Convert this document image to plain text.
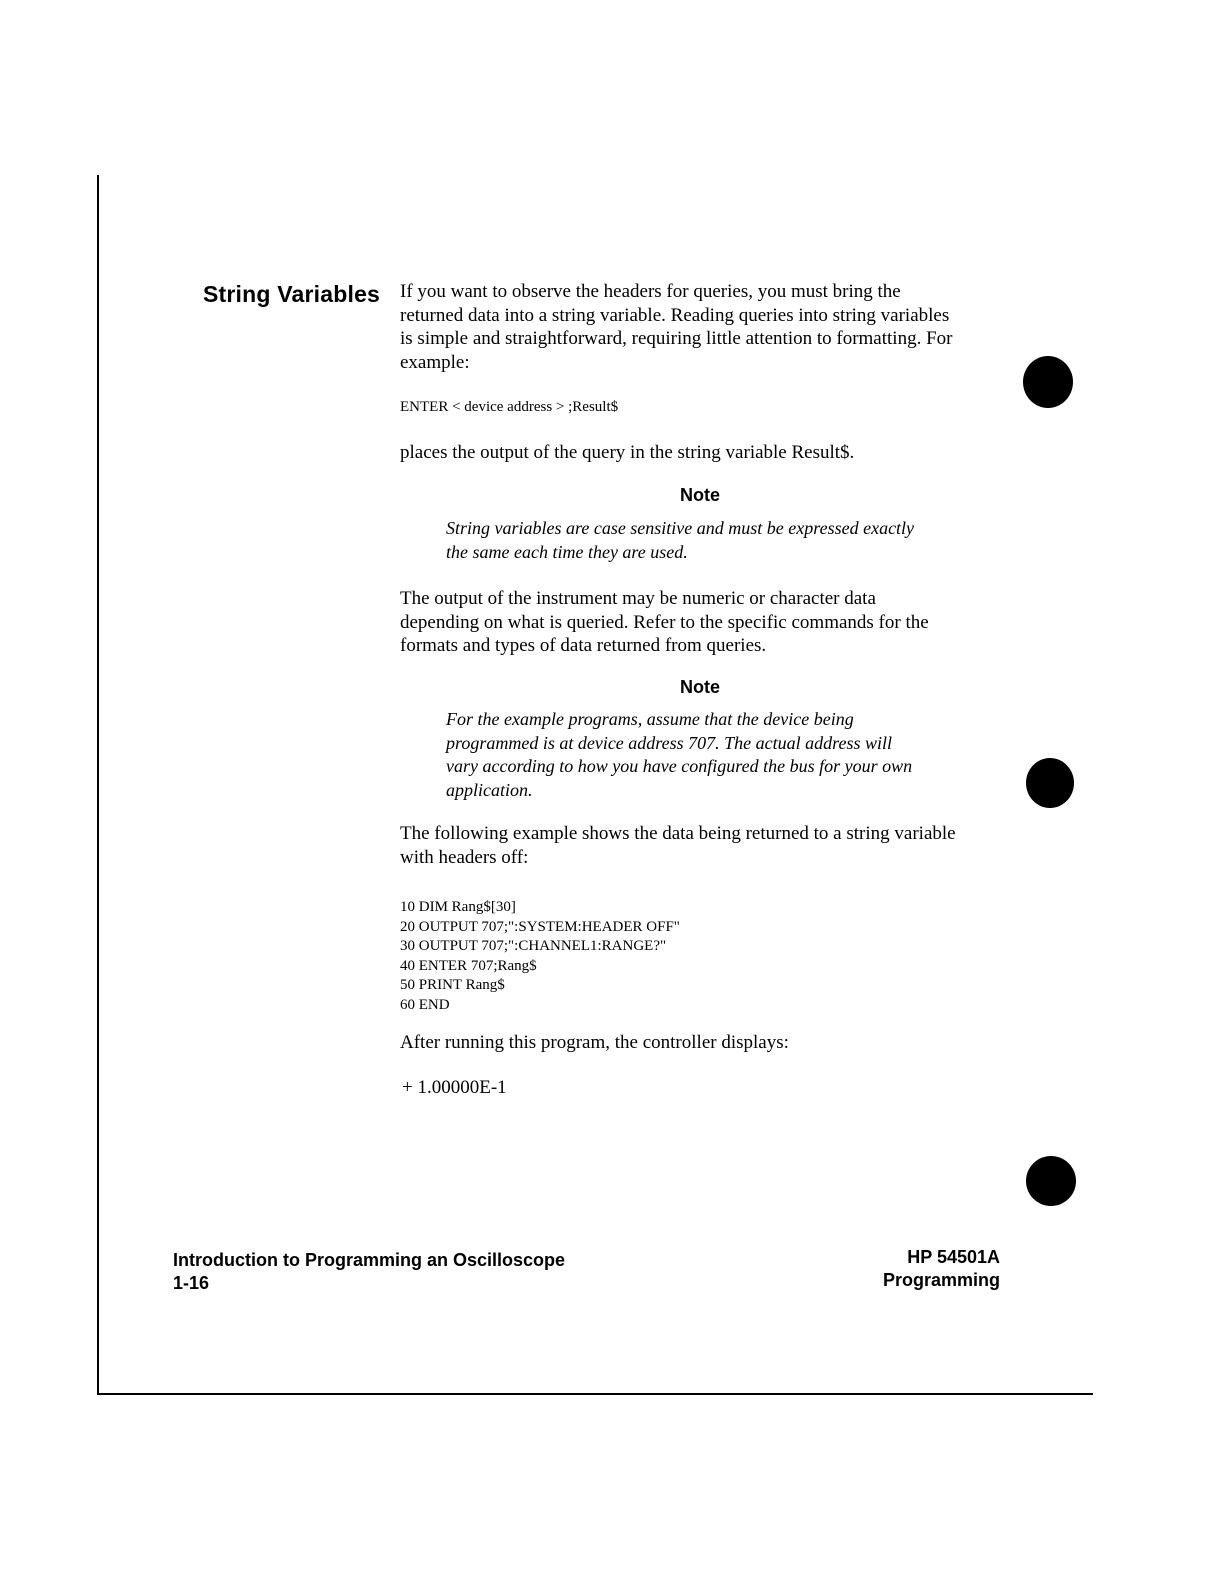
String Variables If you want to observe the headers for queries, you must bring the

returned data into a string variable. Reading queries into string variables

is simple and straightforward, requiring little attention to formatting. For

example:

ENTER < device address > ;Result$

places the output of the query in the string variable Result$.

Note
String variables are case sensitive and must be expressed exactly
the same each time they are used.

The output of the instrument may be numeric or character data

depending on what is queried. Refer to the specific commands for the

formats and types of data returned from queries.

Note
For the example programs, assume that the device being
programmed is at device address 707. The actual address will
vary according to how you have configured the bus for your own
application.

The following example shows the data being returned to a string variable

with headers off:

10 DIM Rang$[30]

20 OUTPUT 707;":SYSTEM:HEADER OFF"

30 OUTPUT 707;":CHANNEL1:RANGE?"

40 ENTER 707;Rang$

50 PRINT Rang$

60 END

After running this program, the controller displays:

+ 1.00000E-1

Introduction to Programming an Oscilloscope
1-16
HP 54501A
Programming
